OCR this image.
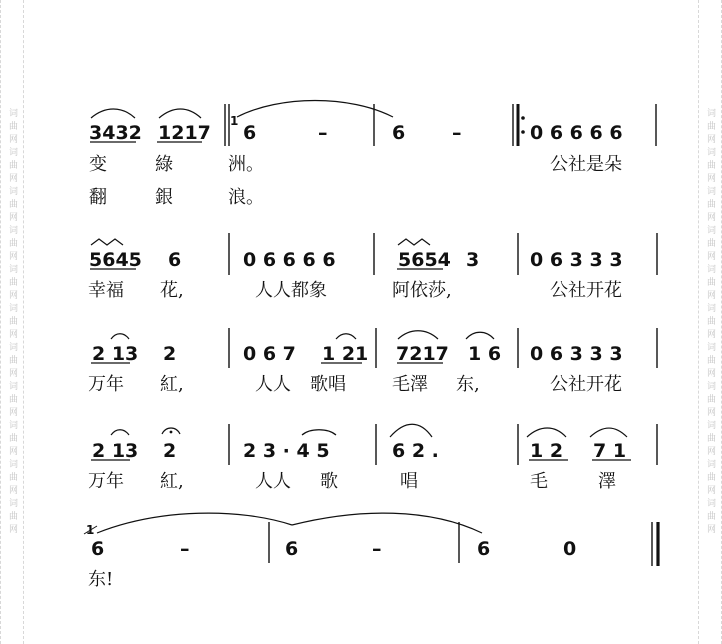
词曲网词曲网词曲网词曲网词曲网词曲网词曲网词曲网词曲网词曲网词曲网	词曲网词曲网词曲网词曲网词曲网词曲网词曲网词曲网词曲网词曲网词曲网
3432 1217 6	–	6 –	0 6 6 6 6
1
变	綠	洲。	公社是朵
翻	銀	浪。
5645 6	0 6 6 6 6	5654 3	0 6 3 3 3
幸福 花,	人人都象	阿依莎,	公社开花
2 13 2	0 6 7 1 21 7217 1 6 0 6 3 3 3
万年 紅,	人人 歌唱	毛澤 东,	公社开花
2 13 2	2 3 · 4 5	6 2 .	1 2 7 1
万年 紅,	人人 歌	唱	毛	澤
6	–	6	–	6	0
1
东!
